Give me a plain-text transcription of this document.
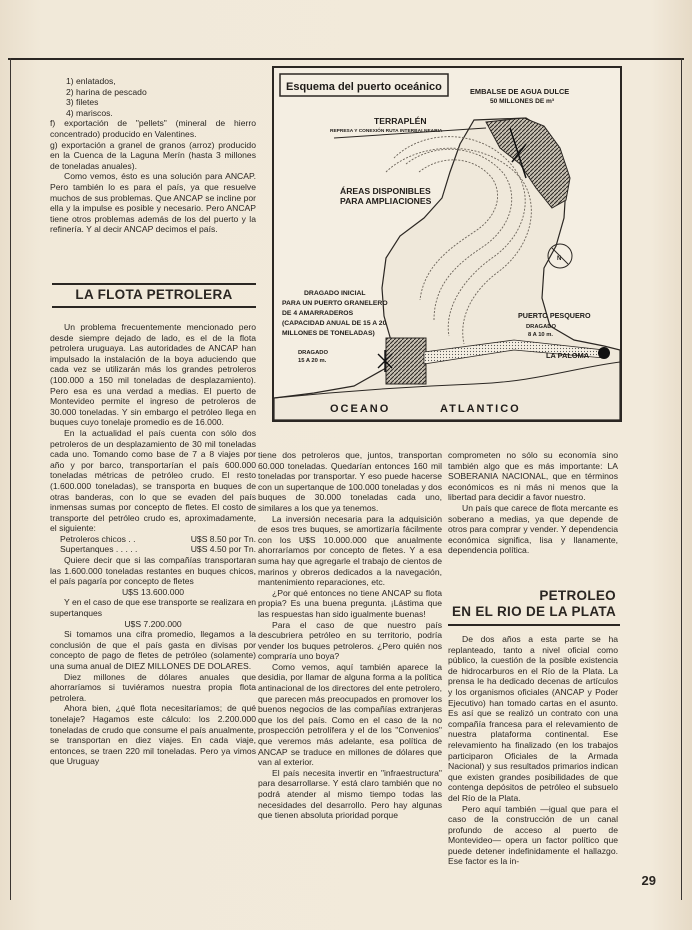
1) enlatados,
2) harina de pescado
3) filetes
4) mariscos.

f) exportación de "pellets" (mineral de hierro concentrado) producido en Valentines.

g) exportación a granel de granos (arroz) producido en la Cuenca de la Laguna Merín (hasta 3 millones de toneladas anuales).

Como vemos, ésto es una solución para ANCAP. Pero también lo es para el país, ya que resuelve muchos de sus problemas. Que ANCAP se incline por ella y la impulse es posible y necesario. Pero ANCAP tiene otros problemas además de los del puerto y la refinería. Y al decir ANCAP decimos el país.

LA FLOTA PETROLERA

Un problema frecuentemente mencionado pero desde siempre dejado de lado, es el de la flota petrolera uruguaya. Las autoridades de ANCAP han impulsado la instalación de la boya aduciendo que cada vez se utilizarán más los grandes petroleros (100.000 a 150 mil toneladas de desplazamiento). Pero esa es una verdad a medias. El puerto de Montevideo permite el ingreso de petroleros de 30.000 toneladas. Y sin embargo el petróleo llega en buques cuyo tonelaje promedio es de 16.000.

En la actualidad el país cuenta con sólo dos petroleros de un desplazamiento de 30 mil toneladas cada uno. Tomando como base de 7 a 8 viajes por año y por barco, transportarían el país 600.000 toneladas métricas de petróleo crudo. El resto (1.600.000 toneladas), se transporta en buques de otras banderas, con lo que se evaden del país inmensas sumas por concepto de fletes. El costo de transporte del petróleo crudo es, aproximadamente, el siguiente:

Petroleros chicos . .	U$S 8.50 por Tn.
Supertanques . . . . .	U$S 4.50 por Tn.

Quiere decir que si las compañías transportaran las 1.600.000 toneladas restantes en buques chicos, el país pagaría por concepto de fletes

U$S 13.600.000

Y en el caso de que ese transporte se realizara en supertanques

U$S 7.200.000

Si tomamos una cifra promedio, llegamos a la conclusión de que el país gasta en divisas por concepto de pago de fletes de petróleo (solamente) una suma anual de DIEZ MILLONES DE DOLARES.

Diez millones de dólares anuales que ahorraríamos si tuviéramos nuestra propia flota petrolera.

Ahora bien, ¿qué flota necesitaríamos; de qué tonelaje? Hagamos este cálculo: los 2.200.000 toneladas de crudo que consume el país anualmente, se transportan en diez viajes. En cada viaje, entonces, se traen 220 mil toneladas. Pero ya vimos que Uruguay

Esquema del puerto oceánico	EMBALSE DE AGUA DULCE
50 MILLONES DE m³
TERRAPLÉN
REPRESA Y CONEXIÓN RUTA INTERBALNEARIA
ÁREAS DISPONIBLES
PARA AMPLIACIONES
N
DRAGADO INICIAL
PARA UN PUERTO GRANELERO
DE 4 AMARRADEROS
(CAPACIDAD ANUAL DE 15 A 20
MILLONES DE TONELADAS)
PUERTO PESQUERO
DRAGADO
8 A 10 m.
DRAGADO
15 A 20 m.
LA PALOMA
OCEANO	ATLANTICO

tiene dos petroleros que, juntos, transportan 60.000 toneladas. Quedarían entonces 160 mil toneladas por transportar. Y eso puede hacerse con un supertanque de 100.000 toneladas y dos buques de 30.000 toneladas cada uno, similares a los que ya tenemos.

La inversión necesaria para la adquisición de esos tres buques, se amortizaría fácilmente con los U$S 10.000.000 que anualmente ahorraríamos por concepto de fletes. Y a esa suma hay que agregarle el trabajo de cientos de marinos y obreros dedicados a la navegación, mantenimiento reparaciones, etc.

¿Por qué entonces no tiene ANCAP su flota propia? Es una buena pregunta. ¡Lástima que las respuestas han sido igualmente buenas!

Para el caso de que nuestro país descubriera petróleo en su territorio, podría vender los buques petroleros. ¿Pero quién nos compraría uno boya?

Como vemos, aquí también aparece la desidia, por llamar de alguna forma a la política antinacional de los directores del ente petrolero, que parecen más preocupados en promover los buenos negocios de las compañías extranjeras que los del país. Como en el caso de la no prospección petrolífera y el de los "Convenios" que veremos más adelante, esa política de ANCAP se traduce en millones de dólares que van al exterior.

El país necesita invertir en "infraestructura" para desarrollarse. Y está claro también que no podrá atender al mismo tiempo todas las necesidades del desarrollo. Pero hay algunas que tienen absoluta prioridad porque

comprometen no sólo su economía sino también algo que es más importante: LA SOBERANIA NACIONAL, que en términos económicos es ni más ni menos que la libertad para decidir a favor nuestro.

Un país que carece de flota mercante es soberano a medias, ya que depende de otros para comprar y vender. Y dependencia económica significa, lisa y llanamente, dependencia política.

PETROLEO
EN EL RIO DE LA PLATA

De dos años a esta parte se ha replanteado, tanto a nivel oficial como público, la cuestión de la posible existencia de hidrocarburos en el Río de la Plata. La prensa le ha dedicado decenas de artículos y los organismos oficiales (ANCAP y Poder Ejecutivo) han tomado cartas en el asunto. Es así que se realizó un contrato con una compañía francesa para el relevamiento de nuestra plataforma continental. Ese relevamiento ha finalizado (en los trabajos participaron Oficiales de la Armada Nacional) y sus resultados primarios indican que existen grandes posibilidades de que contenga depósitos de petróleo el subsuelo del Río de la Plata.

Pero aquí también —igual que para el caso de la construcción de un canal profundo de acceso al puerto de Montevideo— opera un factor político que puede detener indefinidamente el hallazgo. Ese factor es la in-

29
